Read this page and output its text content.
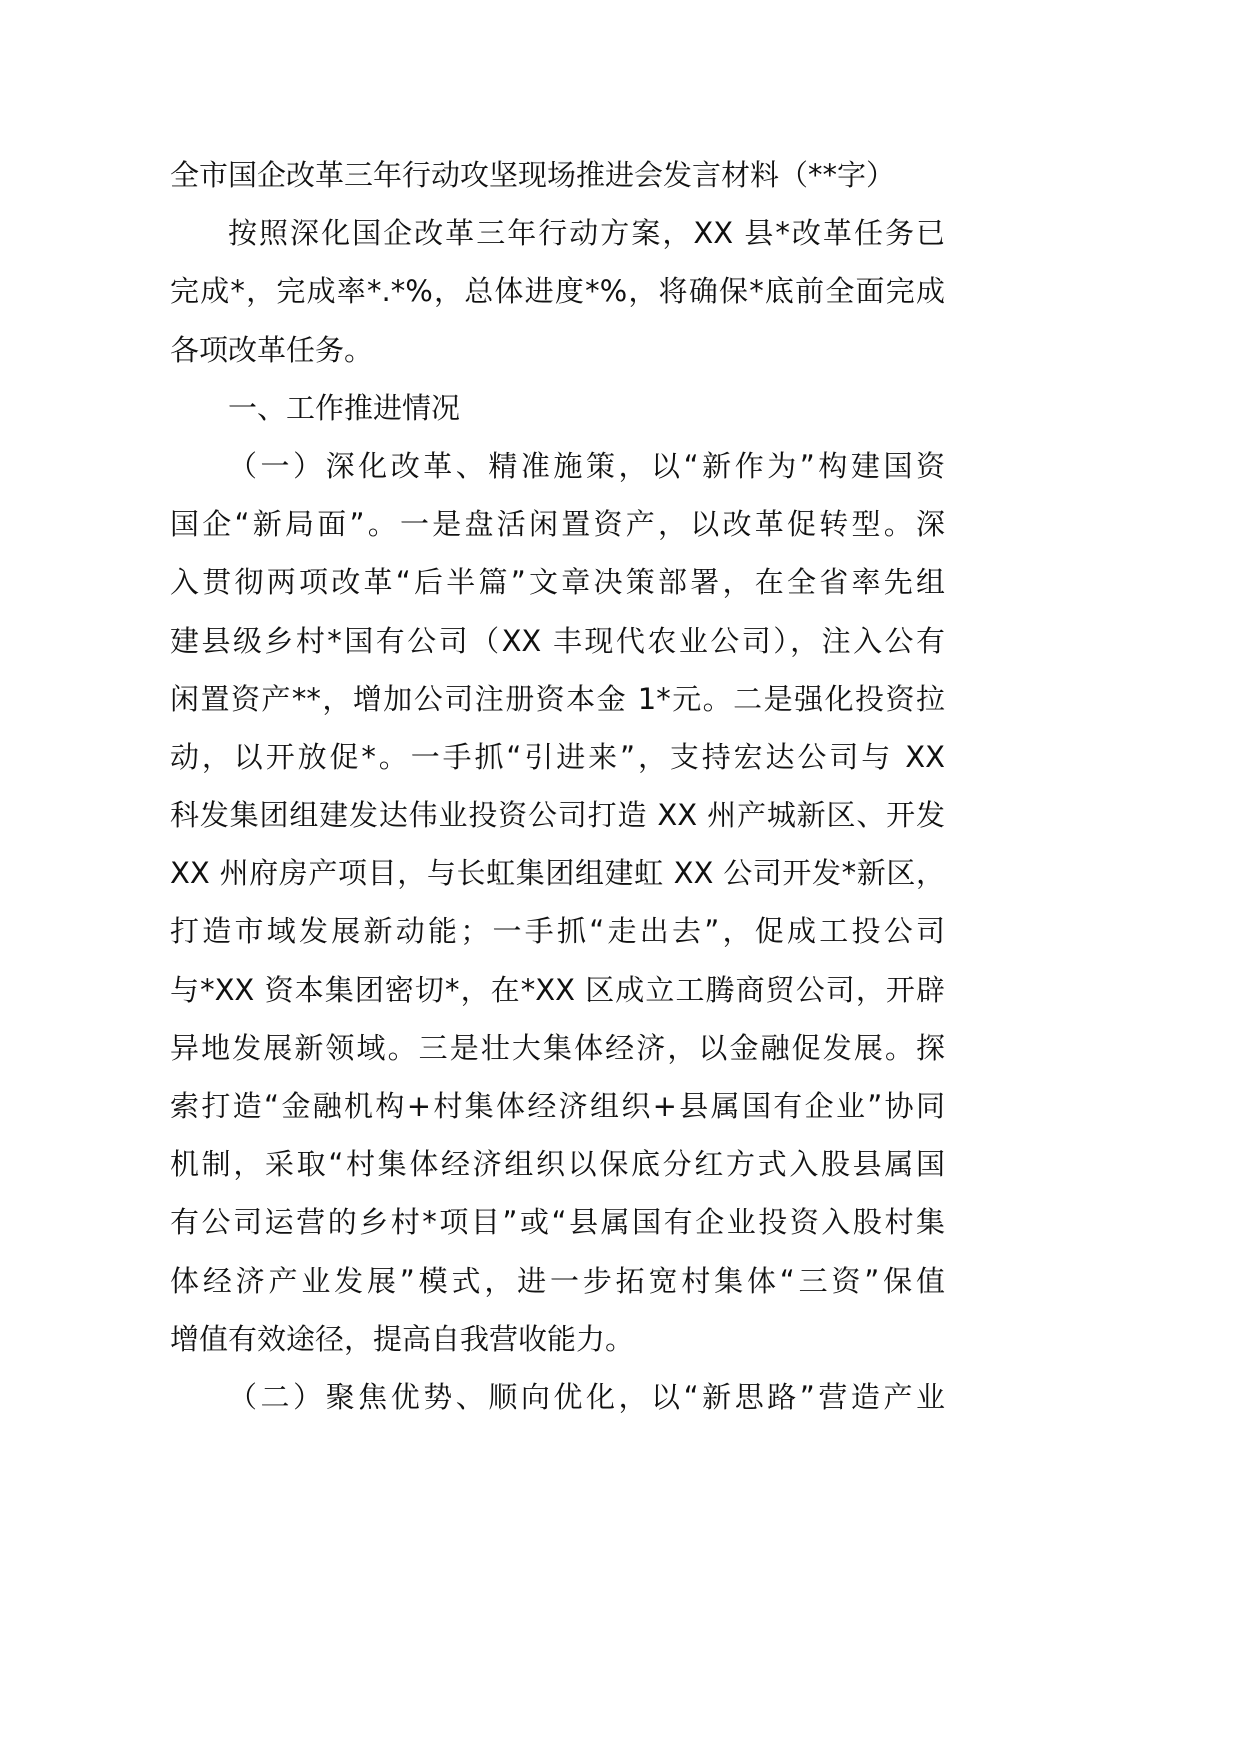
全市国企改革三年行动攻坚现场推进会发言材料（**字）
按照深化国企改革三年行动方案，XX 县*改革任务已
完成*，完成率*.*%，总体进度*%，将确保*底前全面完成
各项改革任务。
一、工作推进情况
（一）深化改革、精准施策，以“新作为”构建国资
国企“新局面”。一是盘活闲置资产，以改革促转型。深
入贯彻两项改革“后半篇”文章决策部署，在全省率先组
建县级乡村*国有公司（XX 丰现代农业公司），注入公有
闲置资产**，增加公司注册资本金 1*元。二是强化投资拉
动，以开放促*。一手抓“引进来”，支持宏达公司与 XX
科发集团组建发达伟业投资公司打造 XX 州产城新区、开发
XX 州府房产项目，与长虹集团组建虹 XX 公司开发*新区，
打造市域发展新动能；一手抓“走出去”，促成工投公司
与*XX 资本集团密切*，在*XX 区成立工腾商贸公司，开辟
异地发展新领域。三是壮大集体经济，以金融促发展。探
索打造“金融机构+村集体经济组织+县属国有企业”协同
机制，采取“村集体经济组织以保底分红方式入股县属国
有公司运营的乡村*项目”或“县属国有企业投资入股村集
体经济产业发展”模式，进一步拓宽村集体“三资”保值
增值有效途径，提高自我营收能力。
（二）聚焦优势、顺向优化，以“新思路”营造产业
